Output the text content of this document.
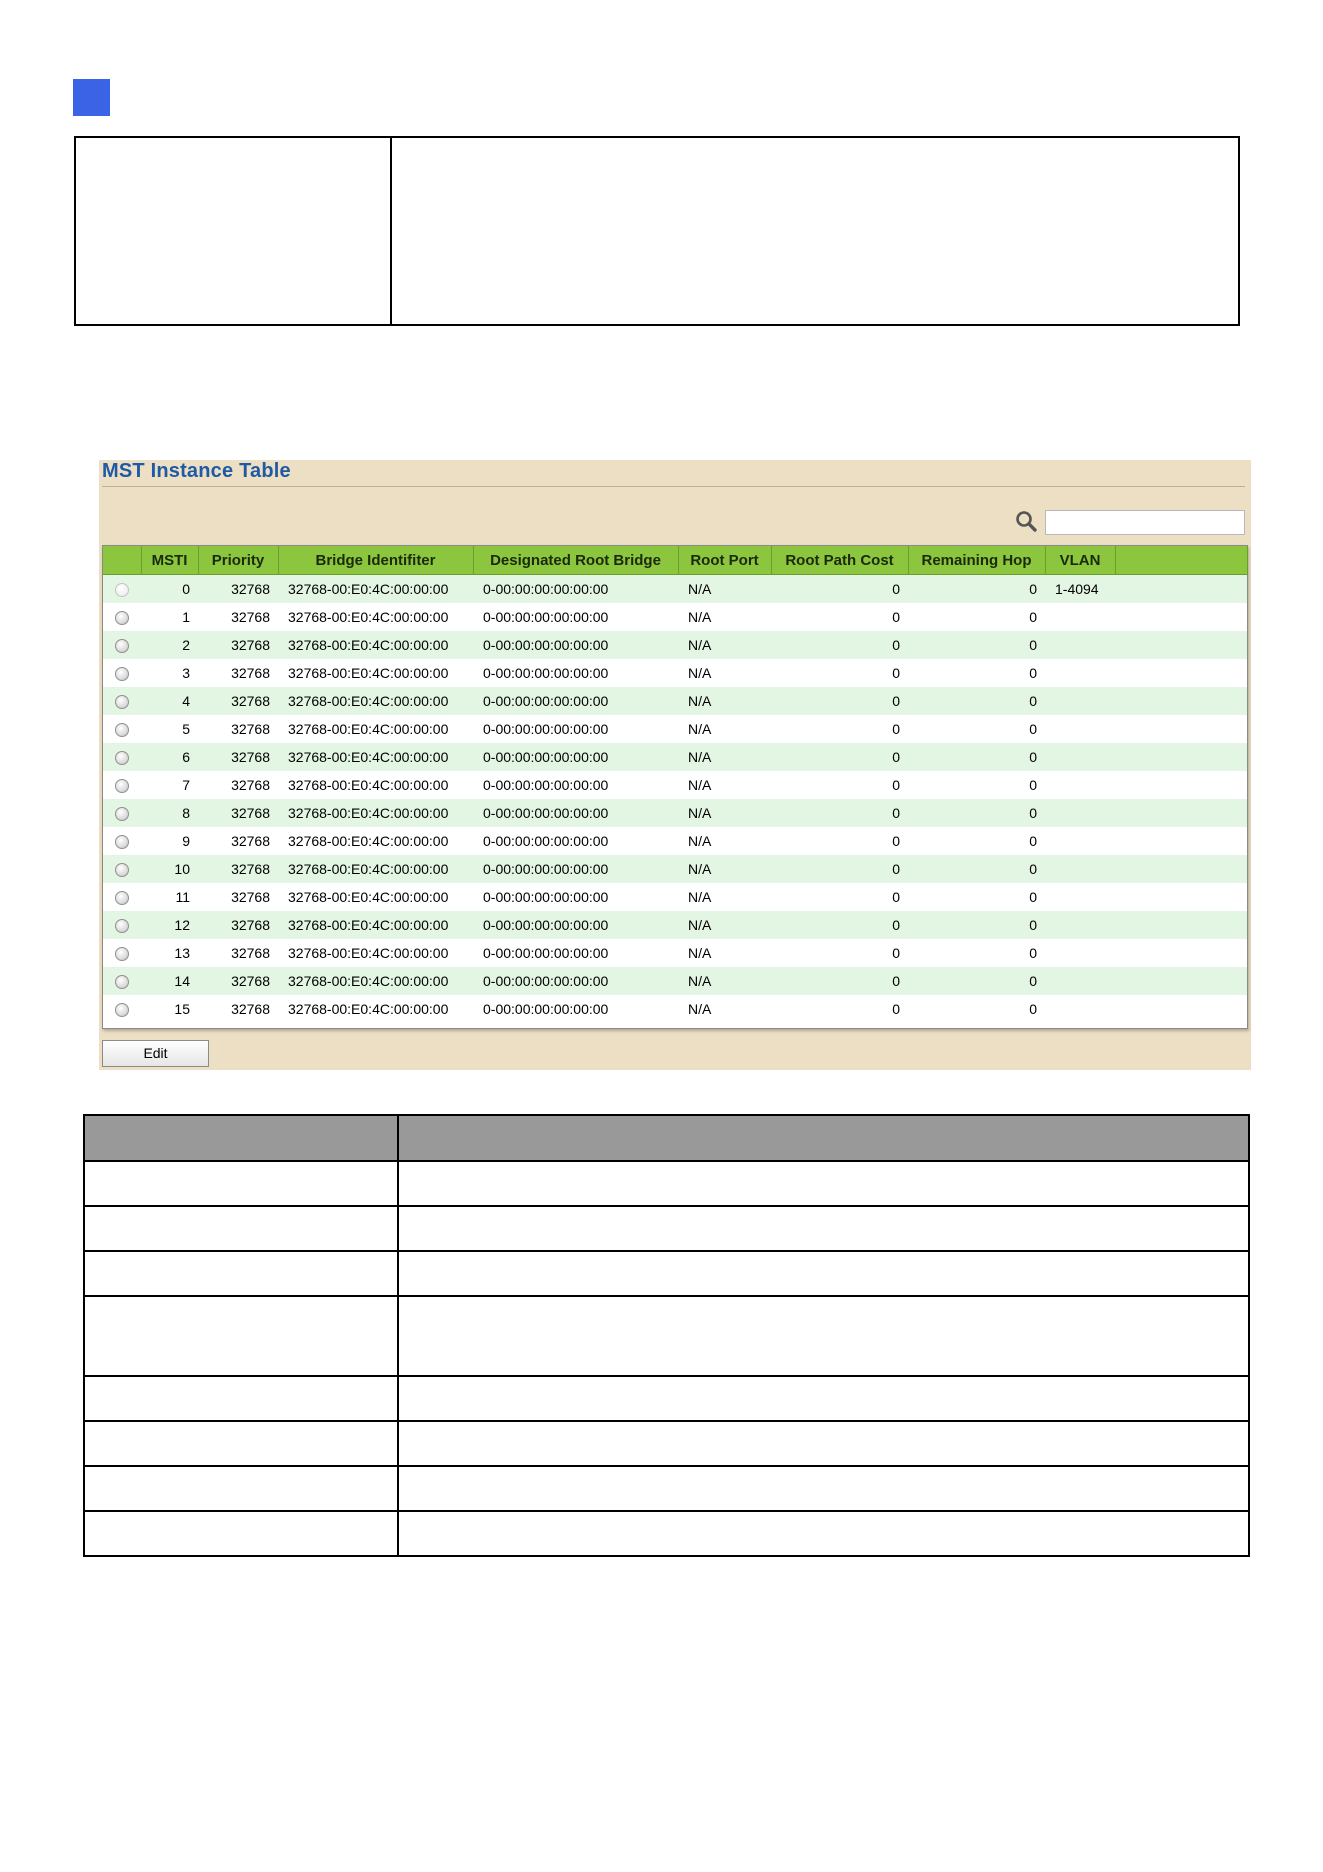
MST Instance Table
	MSTI	Priority	Bridge Identifiter	Designated Root Bridge	Root Port	Root Path Cost	Remaining Hop	VLAN	
	0	32768	32768-00:E0:4C:00:00:00	0-00:00:00:00:00:00	N/A	0	0	1-4094	
	1	32768	32768-00:E0:4C:00:00:00	0-00:00:00:00:00:00	N/A	0	0		
	2	32768	32768-00:E0:4C:00:00:00	0-00:00:00:00:00:00	N/A	0	0		
	3	32768	32768-00:E0:4C:00:00:00	0-00:00:00:00:00:00	N/A	0	0		
	4	32768	32768-00:E0:4C:00:00:00	0-00:00:00:00:00:00	N/A	0	0		
	5	32768	32768-00:E0:4C:00:00:00	0-00:00:00:00:00:00	N/A	0	0		
	6	32768	32768-00:E0:4C:00:00:00	0-00:00:00:00:00:00	N/A	0	0		
	7	32768	32768-00:E0:4C:00:00:00	0-00:00:00:00:00:00	N/A	0	0		
	8	32768	32768-00:E0:4C:00:00:00	0-00:00:00:00:00:00	N/A	0	0		
	9	32768	32768-00:E0:4C:00:00:00	0-00:00:00:00:00:00	N/A	0	0		
	10	32768	32768-00:E0:4C:00:00:00	0-00:00:00:00:00:00	N/A	0	0		
	11	32768	32768-00:E0:4C:00:00:00	0-00:00:00:00:00:00	N/A	0	0		
	12	32768	32768-00:E0:4C:00:00:00	0-00:00:00:00:00:00	N/A	0	0		
	13	32768	32768-00:E0:4C:00:00:00	0-00:00:00:00:00:00	N/A	0	0		
	14	32768	32768-00:E0:4C:00:00:00	0-00:00:00:00:00:00	N/A	0	0		
	15	32768	32768-00:E0:4C:00:00:00	0-00:00:00:00:00:00	N/A	0	0		
Edit
